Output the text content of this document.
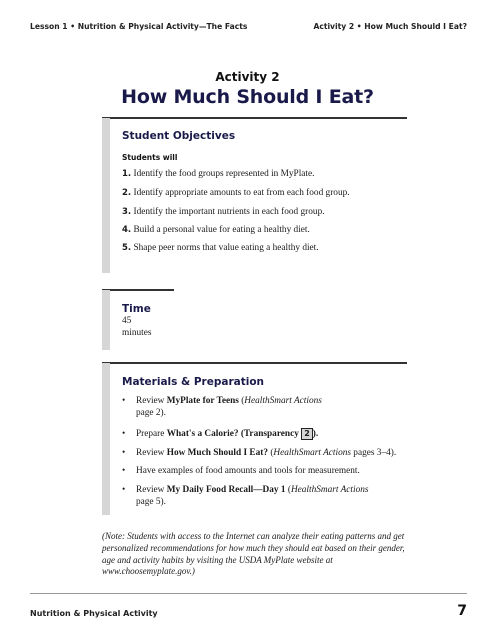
Lesson 1 • Nutrition & Physical Activity—The Facts	Activity 2 • How Much Should I Eat?
Activity 2
How Much Should I Eat?
Student Objectives
Students will
1. Identify the food groups represented in MyPlate.
2. Identify appropriate amounts to eat from each food group.
3. Identify the important nutrients in each food group.
4. Build a personal value for eating a healthy diet.
5. Shape peer norms that value eating a healthy diet.
Time
45
minutes
Materials & Preparation
• Review MyPlate for Teens (HealthSmart Actions
page 2).
• Prepare What's a Calorie? (Transparency 2 ).
• Review How Much Should I Eat? (HealthSmart Actions pages 3–4).
• Have examples of food amounts and tools for measurement.
• Review My Daily Food Recall—Day 1 (HealthSmart Actions
page 5).
(Note: Students with access to the Internet can analyze their eating patterns and get personalized recommendations for how much they should eat based on their gender, age and activity habits by visiting the USDA MyPlate website at www.choosemyplate.gov.)
Nutrition & Physical Activity	7
